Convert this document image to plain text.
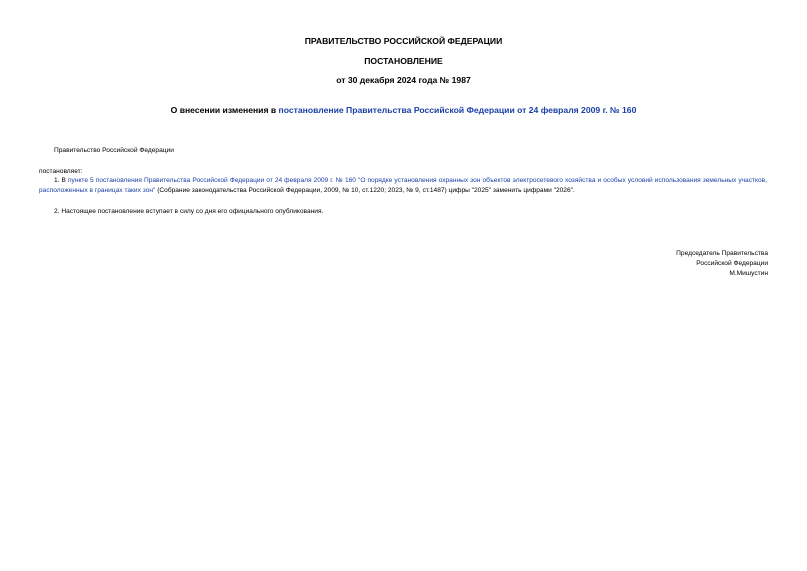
ПРАВИТЕЛЬСТВО РОССИЙСКОЙ ФЕДЕРАЦИИ
ПОСТАНОВЛЕНИЕ
от 30 декабря 2024 года № 1987
О внесении изменения в постановление Правительства Российской Федерации от 24 февраля 2009 г. № 160
Правительство Российской Федерации
постановляет:
1. В пункте 5 постановления Правительства Российской Федерации от 24 февраля 2009 г. № 160 "О порядке установления охранных зон объектов электросетевого хозяйства и особых условий использования земельных участков, расположенных в границах таких зон" (Собрание законодательства Российской Федерации, 2009, № 10, ст.1220; 2023, № 9, ст.1487) цифры "2025" заменить цифрами "2026".
2. Настоящее постановление вступает в силу со дня его официального опубликования.
Председатель Правительства
Российской Федерации
М.Мишустин
